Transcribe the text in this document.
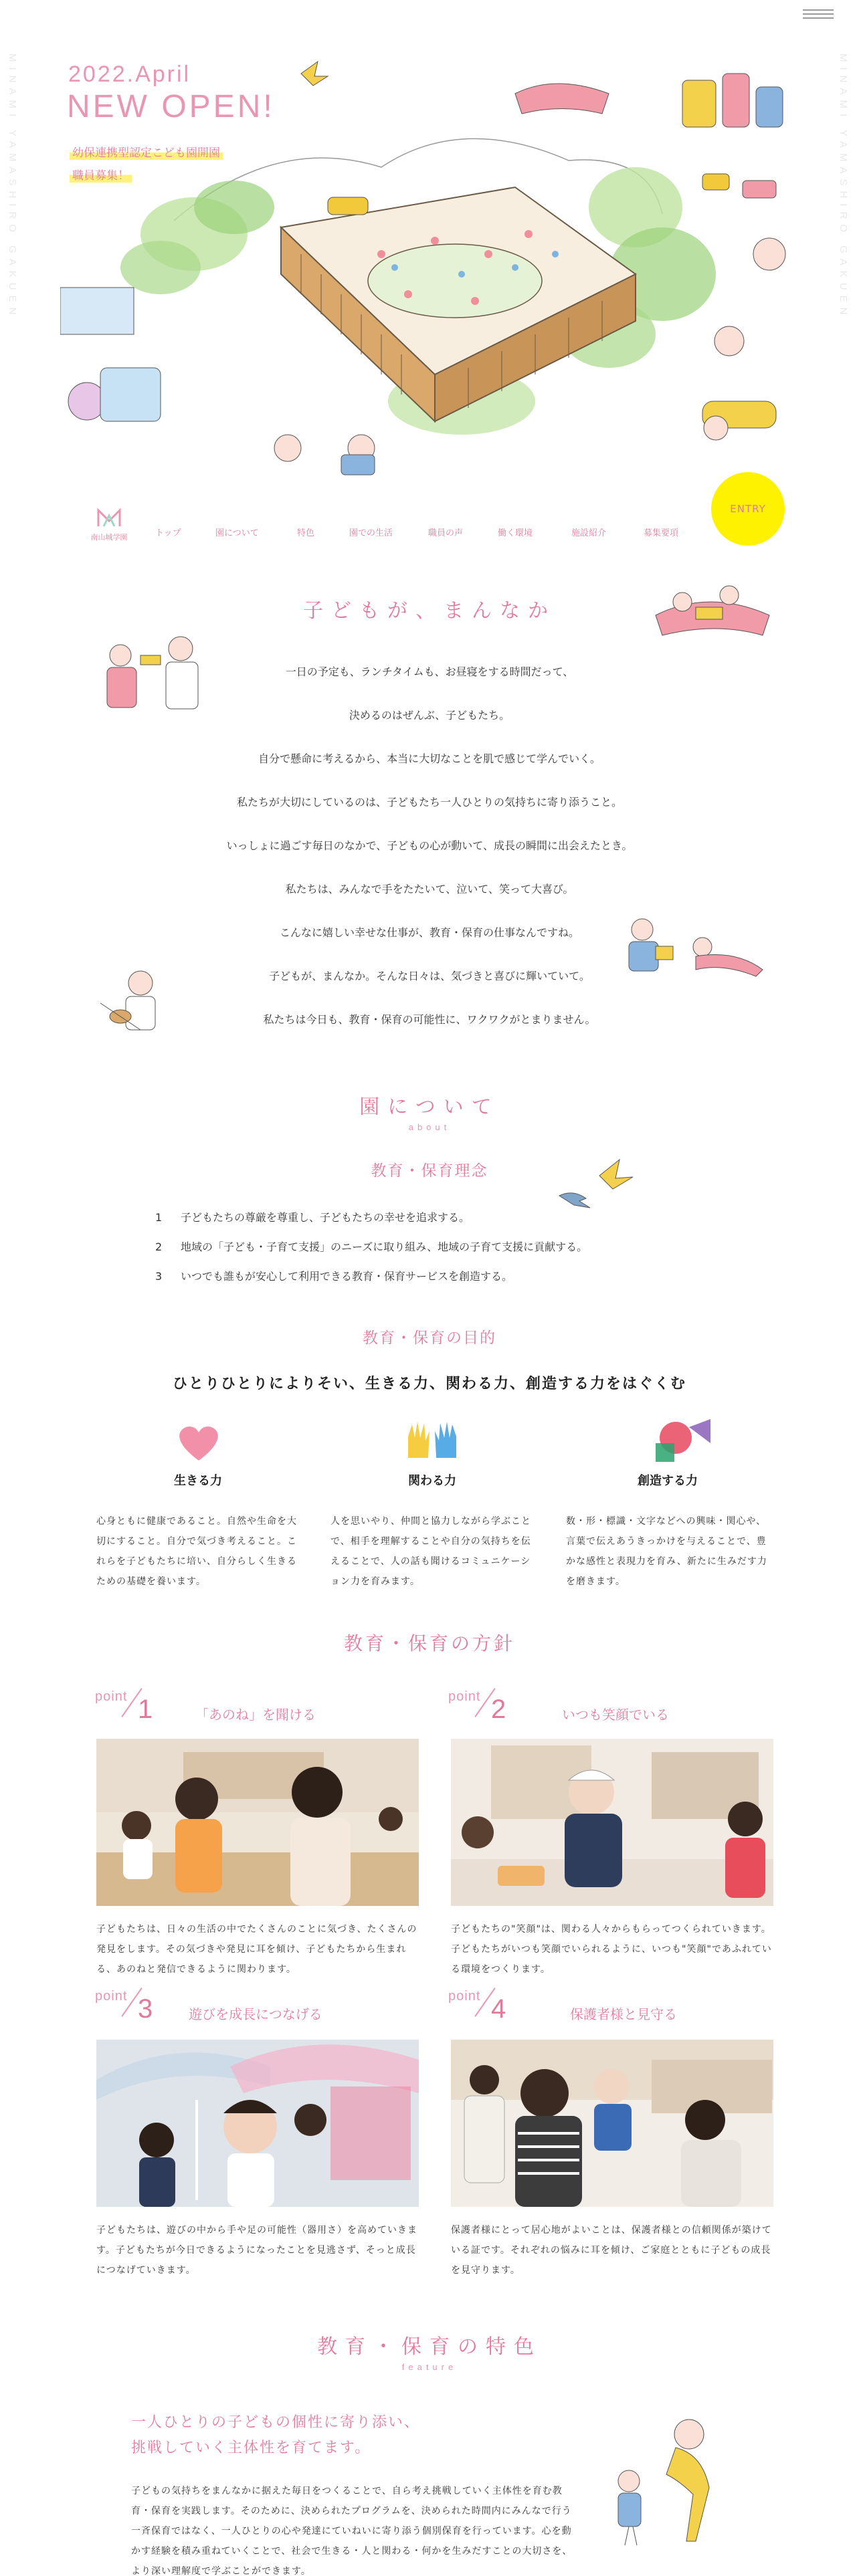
MINAMI YAMASHIRO GAKUEN	MINAMI YAMASHIRO GAKUEN
2022.April
NEW OPEN!
幼保連携型認定こども園開園
職員募集！
南山城学園	トップ	園について	特色	園での生活	職員の声	働く環境	施設紹介	募集要項
ENTRY
子どもが、まんなか
一日の予定も、ランチタイムも、お昼寝をする時間だって、
決めるのはぜんぶ、子どもたち。
自分で懸命に考えるから、本当に大切なことを肌で感じて学んでいく。
私たちが大切にしているのは、子どもたち一人ひとりの気持ちに寄り添うこと。
いっしょに過ごす毎日のなかで、子どもの心が動いて、成長の瞬間に出会えたとき。
私たちは、みんなで手をたたいて、泣いて、笑って大喜び。
こんなに嬉しい幸せな仕事が、教育・保育の仕事なんですね。
子どもが、まんなか。そんな日々は、気づきと喜びに輝いていて。
私たちは今日も、教育・保育の可能性に、ワクワクがとまりません。
園について
about
教育・保育理念
1 子どもたちの尊厳を尊重し、子どもたちの幸せを追求する。
2 地域の「子ども・子育て支援」のニーズに取り組み、地域の子育て支援に貢献する。
3 いつでも誰もが安心して利用できる教育・保育サービスを創造する。
教育・保育の目的
ひとりひとりによりそい、生きる力、関わる力、創造する力をはぐくむ
生きる力	関わる力	創造する力
心身ともに健康であること。自然や生命を大切にすること。自分で気づき考えること。これらを子どもたちに培い、自分らしく生きるための基礎を養います。
人を思いやり、仲間と協力しながら学ぶことで、相手を理解することや自分の気持ちを伝えることで、人の話も聞けるコミュニケーション力を育みます。
数・形・標識・文字などへの興味・関心や、言葉で伝えあうきっかけを与えることで、豊かな感性と表現力を育み、新たに生みだす力を磨きます。
教育・保育の方針
point 1	「あのね」を聞ける
子どもたちは、日々の生活の中でたくさんのことに気づき、たくさんの発見をします。その気づきや発見に耳を傾け、子どもたちから生まれる、あのねと発信できるように関わります。
point 2	いつも笑顔でいる
子どもたちの"笑顔"は、関わる人々からもらってつくられていきます。子どもたちがいつも笑顔でいられるように、いつも"笑顔"であふれている環境をつくります。
point 3	遊びを成長につなげる
子どもたちは、遊びの中から手や足の可能性（器用さ）を高めていきます。子どもたちが今日できるようになったことを見逃さず、そっと成長につなげていきます。
point 4	保護者様と見守る
保護者様にとって居心地がよいことは、保護者様との信頼関係が築けている証です。それぞれの悩みに耳を傾け、ご家庭とともに子どもの成長を見守ります。
教育・保育の特色
feature
一人ひとりの子どもの個性に寄り添い、
挑戦していく主体性を育てます。
子どもの気持ちをまんなかに据えた毎日をつくることで、自ら考え挑戦していく主体性を育む教育・保育を実践します。そのために、決められたプログラムを、決められた時間内にみんなで行う一斉保育ではなく、一人ひとりの心や発達にていねいに寄り添う個別保育を行っています。心を動かす経験を積み重ねていくことで、社会で生きる・人と関わる・何かを生みだすことの大切さを、より深い理解度で学ぶことができます。
